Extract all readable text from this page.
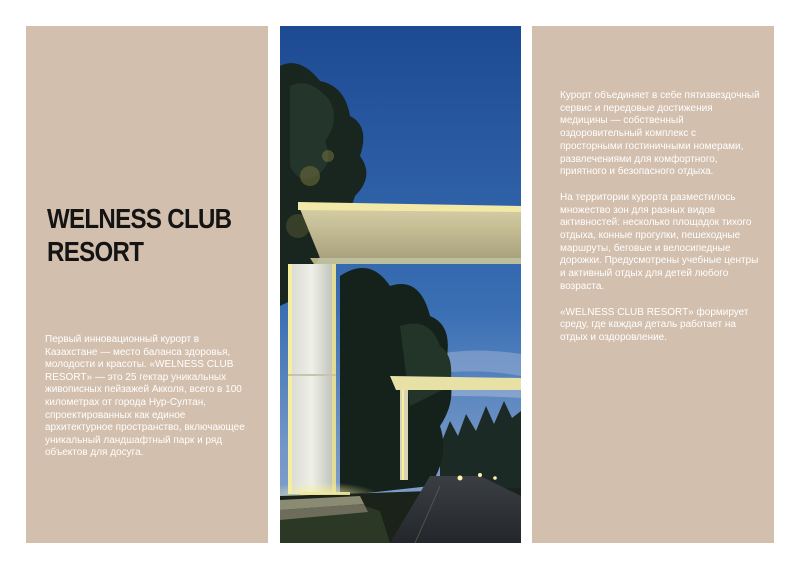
WELNESS CLUB
RESORT

Первый инновационный курорт в Казахстане — место баланса здоровья, молодости и красоты. «WELNESS CLUB RESORT» — это 25 гектар уникальных живописных пейзажей Акколя, всего в 100 километрах от города Нур-Султан, спроектированных как единое архитектурное пространство, включающее уникальный ландшафтный парк и ряд объектов для досуга.

Курорт объединяет в себе пятизвездочный сервис и передовые достижения медицины — собственный оздоровительный комплекс с просторными гостиничными номерами, развлечениями для комфортного, приятного и безопасного отдыха.

На территории курорта разместилось множество зон для разных видов активностей: несколько площадок тихого отдыха, конные прогулки, пешеходные маршруты, беговые и велосипедные дорожки. Предусмотрены учебные центры и активный отдых для детей любого возраста.

«WELNESS CLUB RESORT» формирует среду, где каждая деталь работает на отдых и оздоровление.
